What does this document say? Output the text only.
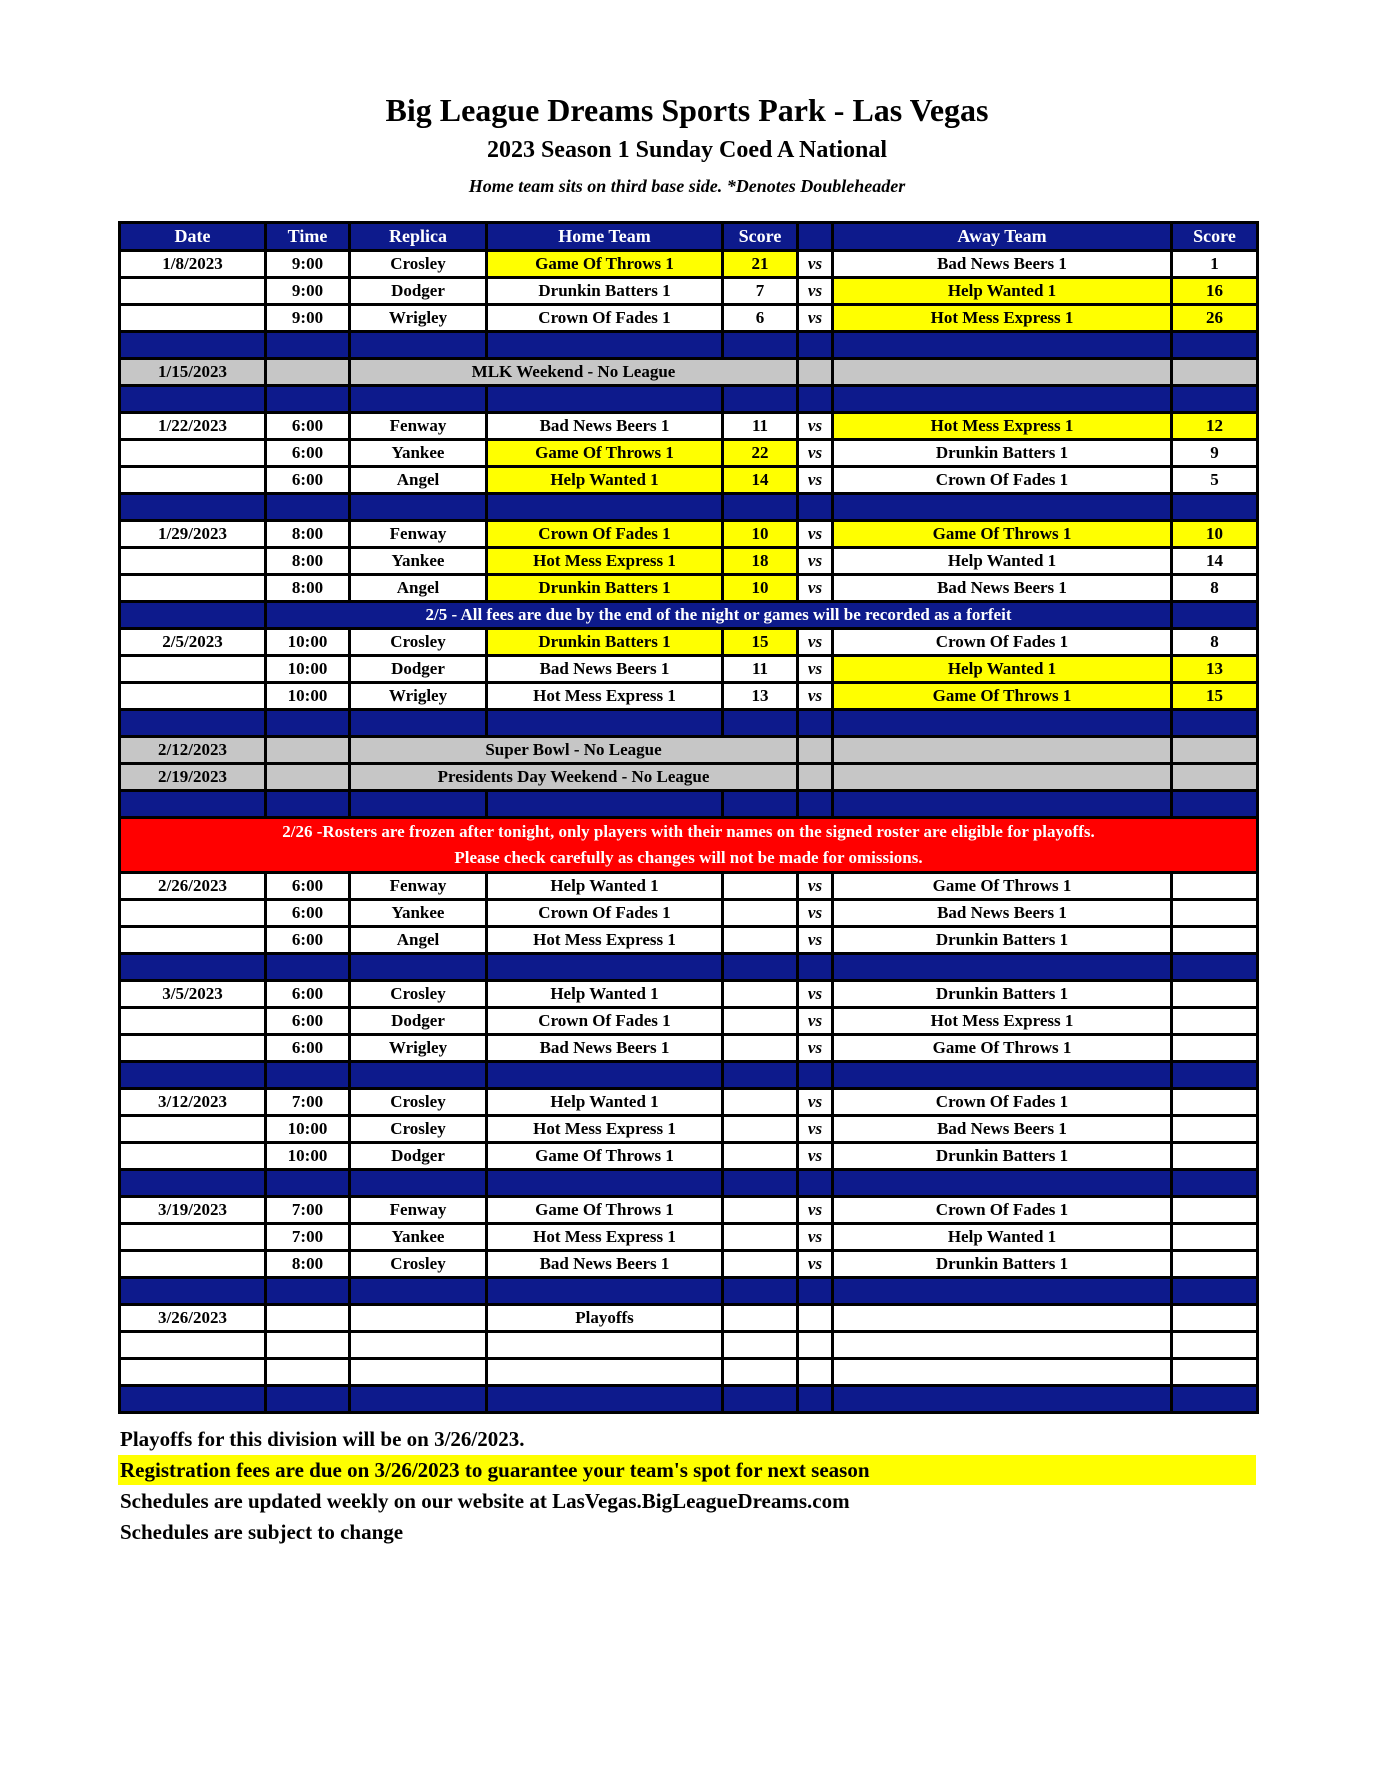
Big League Dreams Sports Park - Las Vegas
2023 Season 1 Sunday Coed A National
Home team sits on third base side. *Denotes Doubleheader
Date	Time	Replica	Home Team	Score		Away Team	Score
1/8/2023	9:00	Crosley	Game Of Throws 1	21	vs	Bad News Beers 1	1
	9:00	Dodger	Drunkin Batters 1	7	vs	Help Wanted 1	16
	9:00	Wrigley	Crown Of Fades 1	6	vs	Hot Mess Express 1	26

1/15/2023		MLK Weekend - No League					

1/22/2023	6:00	Fenway	Bad News Beers 1	11	vs	Hot Mess Express 1	12
	6:00	Yankee	Game Of Throws 1	22	vs	Drunkin Batters 1	9
	6:00	Angel	Help Wanted 1	14	vs	Crown Of Fades 1	5

1/29/2023	8:00	Fenway	Crown Of Fades 1	10	vs	Game Of Throws 1	10
	8:00	Yankee	Hot Mess Express 1	18	vs	Help Wanted 1	14
	8:00	Angel	Drunkin Batters 1	10	vs	Bad News Beers 1	8
	2/5 - All fees are due by the end of the night or games will be recorded as a forfeit						
2/5/2023	10:00	Crosley	Drunkin Batters 1	15	vs	Crown Of Fades 1	8
	10:00	Dodger	Bad News Beers 1	11	vs	Help Wanted 1	13
	10:00	Wrigley	Hot Mess Express 1	13	vs	Game Of Throws 1	15

2/12/2023		Super Bowl - No League					
2/19/2023		Presidents Day Weekend - No League					

2/26 -Rosters are frozen after tonight, only players with their names on the signed roster are eligible for playoffs.
Please check carefully as changes will not be made for omissions.							

2/26/2023	6:00	Fenway	Help Wanted 1		vs	Game Of Throws 1	
	6:00	Yankee	Crown Of Fades 1		vs	Bad News Beers 1	
	6:00	Angel	Hot Mess Express 1		vs	Drunkin Batters 1	

3/5/2023	6:00	Crosley	Help Wanted 1		vs	Drunkin Batters 1	
	6:00	Dodger	Crown Of Fades 1		vs	Hot Mess Express 1	
	6:00	Wrigley	Bad News Beers 1		vs	Game Of Throws 1	

3/12/2023	7:00	Crosley	Help Wanted 1		vs	Crown Of Fades 1	
	10:00	Crosley	Hot Mess Express 1		vs	Bad News Beers 1	
	10:00	Dodger	Game Of Throws 1		vs	Drunkin Batters 1	

3/19/2023	7:00	Fenway	Game Of Throws 1		vs	Crown Of Fades 1	
	7:00	Yankee	Hot Mess Express 1		vs	Help Wanted 1	
	8:00	Crosley	Bad News Beers 1		vs	Drunkin Batters 1	

3/26/2023			Playoffs				

Playoffs for this division will be on 3/26/2023.
Registration fees are due on 3/26/2023 to guarantee your team's spot for next season
Schedules are updated weekly on our website at LasVegas.BigLeagueDreams.com
Schedules are subject to change
